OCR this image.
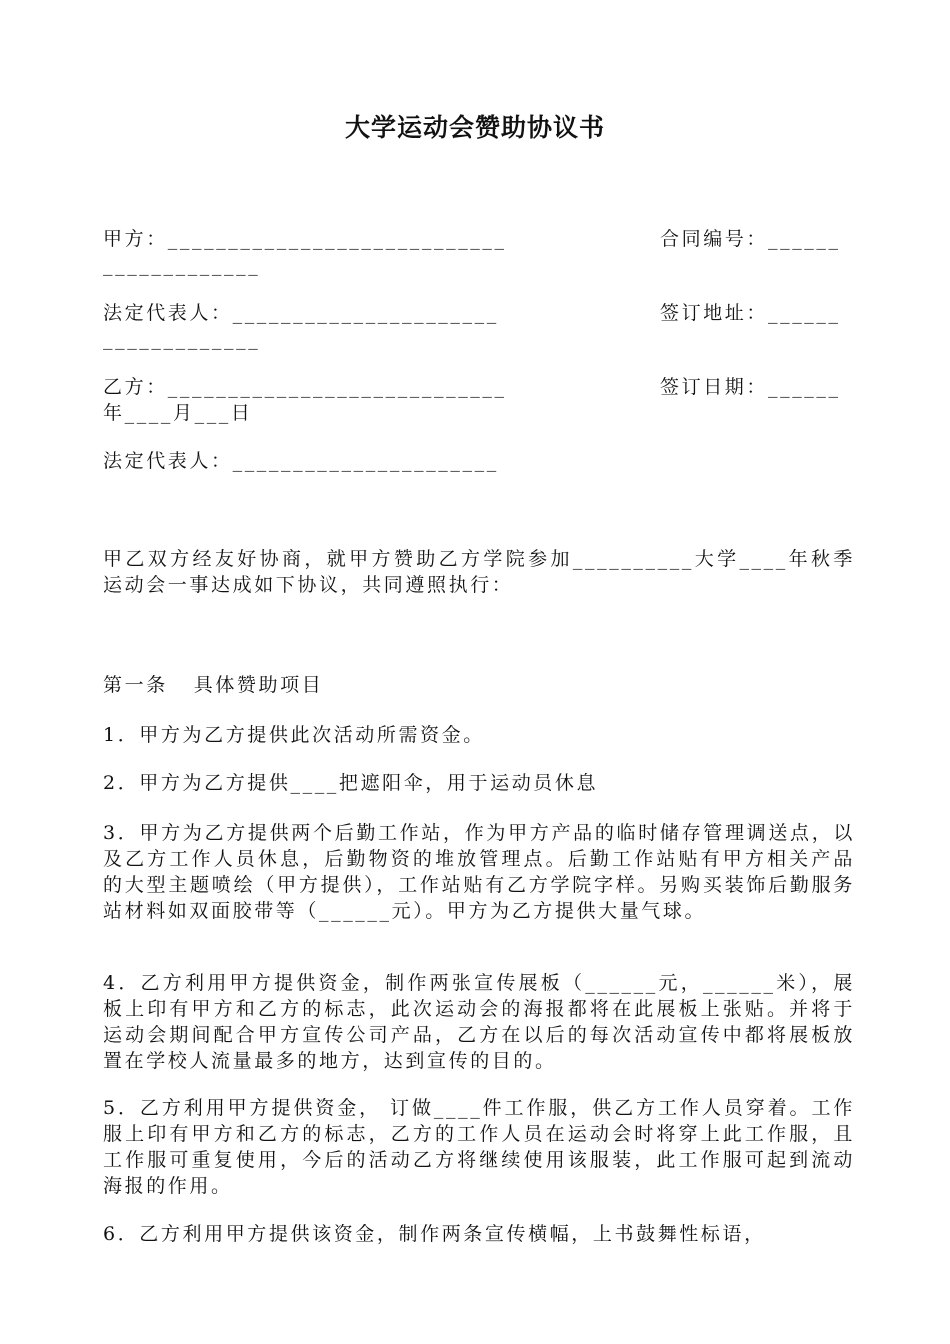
大学运动会赞助协议书
甲方：____________________________	合同编号：______
_____________
法定代表人：______________________	签订地址：______
_____________
乙方：____________________________	签订日期：______
年____月___日
法定代表人：______________________
甲乙双方经友好协商，就甲方赞助乙方学院参加__________大学____年秋季运动会一事达成如下协议，共同遵照执行：
第一条   具体赞助项目
1．甲方为乙方提供此次活动所需资金。
2．甲方为乙方提供____把遮阳伞，用于运动员休息
3．甲方为乙方提供两个后勤工作站，作为甲方产品的临时储存管理调送点，以及乙方工作人员休息，后勤物资的堆放管理点。后勤工作站贴有甲方相关产品的大型主题喷绘（甲方提供），工作站贴有乙方学院字样。另购买装饰后勤服务站材料如双面胶带等（______元）。甲方为乙方提供大量气球。
4．乙方利用甲方提供资金，制作两张宣传展板（______元，______米），展板上印有甲方和乙方的标志，此次运动会的海报都将在此展板上张贴。并将于运动会期间配合甲方宣传公司产品，乙方在以后的每次活动宣传中都将展板放置在学校人流量最多的地方，达到宣传的目的。
5．乙方利用甲方提供资金， 订做____件工作服，供乙方工作人员穿着。工作服上印有甲方和乙方的标志，乙方的工作人员在运动会时将穿上此工作服，且工作服可重复使用，今后的活动乙方将继续使用该服装，此工作服可起到流动海报的作用。
6．乙方利用甲方提供该资金，制作两条宣传横幅，上书鼓舞性标语，
